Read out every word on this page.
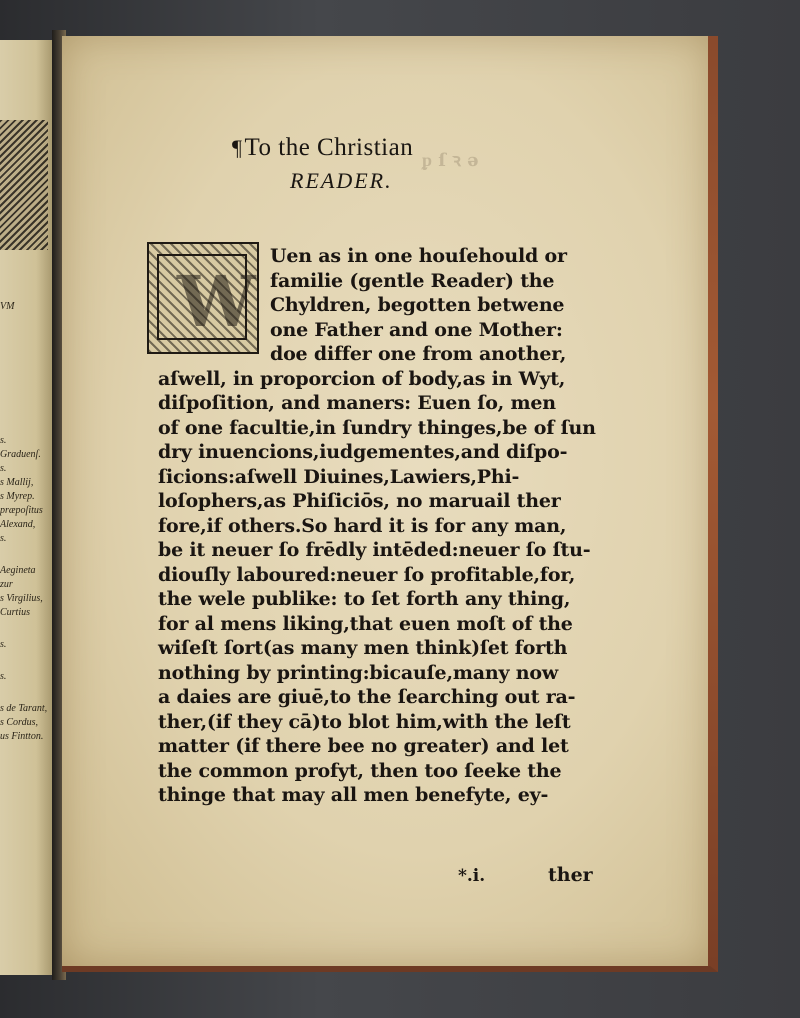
VM
s.
Graduenſ.
s.
s Mallij,
s Myrep.
præpoſitus
Alexand,
s.
Aegineta
zur
s Virgilius,
Curtius
s.
s.
s de Tarant,
s Cordus,
us Fintton.
¶To the Christian
READER.
ᵱ ſ ꝛ ǝ
W
Uen as in one houſehould or
familie (gentle Reader) the
Chyldren, begotten betwene
one Father and one Mother:
doe differ one from another,
aſwell, in proporcion of body,as in Wyt,
diſpoſition, and maners: Euen ſo, men
of one facultie,in ſundry thinges,be of ſun
dry inuencions,iudgementes,and diſpo-
ſicions:aſwell Diuines,Lawiers,Phi-
loſophers,as Phiſiciōs, no maruail ther
fore,if others.So hard it is for any man,
be it neuer ſo frēdly intēded:neuer ſo ſtu-
diouſly laboured:neuer ſo profitable,for,
the wele publike: to ſet forth any thing,
for al mens liking,that euen moſt of the
wiſeſt ſort(as many men think)ſet forth
nothing by printing:bicauſe,many now
a daies are giuē,to the ſearching out ra-
ther,(if they cā)to blot him,with the leſt
matter (if there bee no greater) and let
the common profyt, then too ſeeke the
thinge that may all men benefyte, ey-
*.i.	ther
